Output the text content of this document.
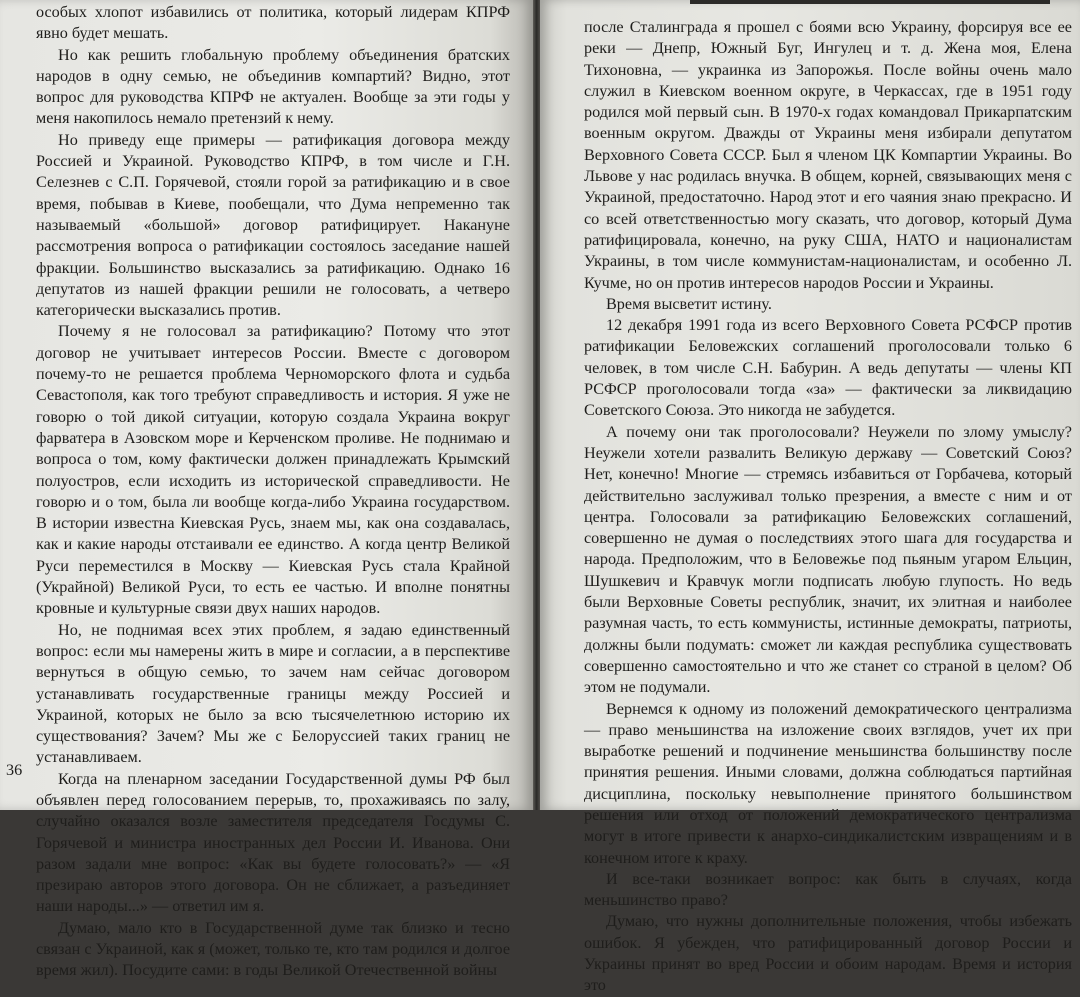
особых хлопот избавились от политика, который лидерам КПРФ явно будет мешать.

Но как решить глобальную проблему объединения братских народов в одну семью, не объединив компартий? Видно, этот вопрос для руководства КПРФ не актуален. Вообще за эти годы у меня накопилось немало претензий к нему.

Но приведу еще примеры — ратификация договора между Россией и Украиной. Руководство КПРФ, в том числе и Г.Н. Селезнев с С.П. Горячевой, стояли горой за ратификацию и в свое время, побывав в Киеве, пообещали, что Дума непременно так называемый «большой» договор ратифицирует. Накануне рассмотрения вопроса о ратификации состоялось заседание нашей фракции. Большинство высказались за ратификацию. Однако 16 депутатов из нашей фракции решили не голосовать, а четверо категорически высказались против.

Почему я не голосовал за ратификацию? Потому что этот договор не учитывает интересов России. Вместе с договором почему-то не решается проблема Черноморского флота и судьба Севастополя, как того требуют справедливость и история. Я уже не говорю о той дикой ситуации, которую создала Украина вокруг фарватера в Азовском море и Керченском проливе. Не поднимаю и вопроса о том, кому фактически должен принадлежать Крымский полуостров, если исходить из исторической справедливости. Не говорю и о том, была ли вообще когда-либо Украина государством. В истории известна Киевская Русь, знаем мы, как она создавалась, как и какие народы отстаивали ее единство. А когда центр Великой Руси переместился в Москву — Киевская Русь стала Крайной (Украйной) Великой Руси, то есть ее частью. И вполне понятны кровные и культурные связи двух наших народов.

Но, не поднимая всех этих проблем, я задаю единственный вопрос: если мы намерены жить в мире и согласии, а в перспективе вернуться в общую семью, то зачем нам сейчас договором устанавливать государственные границы между Россией и Украиной, которых не было за всю тысячелетнюю историю их существования? Зачем? Мы же с Белоруссией таких границ не устанавливаем.

Когда на пленарном заседании Государственной думы РФ был объявлен перед голосованием перерыв, то, прохаживаясь по залу, случайно оказался возле заместителя председателя Госдумы С. Горячевой и министра иностранных дел России И. Иванова. Они разом задали мне вопрос: «Как вы будете голосовать?» — «Я презираю авторов этого договора. Он не сближает, а разъединяет наши народы...» — ответил им я.

Думаю, мало кто в Государственной думе так близко и тесно связан с Украиной, как я (может, только те, кто там родился и долгое время жил). Посудите сами: в годы Великой Отечественной войны

36

после Сталинграда я прошел с боями всю Украину, форсируя все ее реки — Днепр, Южный Буг, Ингулец и т. д. Жена моя, Елена Тихоновна, — украинка из Запорожья. После войны очень мало служил в Киевском военном округе, в Черкассах, где в 1951 году родился мой первый сын. В 1970-х годах командовал Прикарпатским военным округом. Дважды от Украины меня избирали депутатом Верховного Совета СССР. Был я членом ЦК Компартии Украины. Во Львове у нас родилась внучка. В общем, корней, связывающих меня с Украиной, предостаточно. Народ этот и его чаяния знаю прекрасно. И со всей ответственностью могу сказать, что договор, который Дума ратифицировала, конечно, на руку США, НАТО и националистам Украины, в том числе коммунистам-националистам, и особенно Л. Кучме, но он против интересов народов России и Украины.

Время высветит истину.

12 декабря 1991 года из всего Верховного Совета РСФСР против ратификации Беловежских соглашений проголосовали только 6 человек, в том числе С.Н. Бабурин. А ведь депутаты — члены КП РСФСР проголосовали тогда «за» — фактически за ликвидацию Советского Союза. Это никогда не забудется.

А почему они так проголосовали? Неужели по злому умыслу? Неужели хотели развалить Великую державу — Советский Союз? Нет, конечно! Многие — стремясь избавиться от Горбачева, который действительно заслуживал только презрения, а вместе с ним и от центра. Голосовали за ратификацию Беловежских соглашений, совершенно не думая о последствиях этого шага для государства и народа. Предположим, что в Беловежье под пьяным угаром Ельцин, Шушкевич и Кравчук могли подписать любую глупость. Но ведь были Верховные Советы республик, значит, их элитная и наиболее разумная часть, то есть коммунисты, истинные демократы, патриоты, должны были подумать: сможет ли каждая республика существовать совершенно самостоятельно и что же станет со страной в целом? Об этом не подумали.

Вернемся к одному из положений демократического централизма — право меньшинства на изложение своих взглядов, учет их при выработке решений и подчинение меньшинства большинству после принятия решения. Иными словами, должна соблюдаться партийная дисциплина, поскольку невыполнение принятого большинством решения или отход от положений демократического централизма могут в итоге привести к анархо-синдикалистским извращениям и в конечном итоге к краху.

И все-таки возникает вопрос: как быть в случаях, когда меньшинство право?

Думаю, что нужны дополнительные положения, чтобы избежать ошибок. Я убежден, что ратифицированный договор России и Украины принят во вред России и обоим народам. Время и история это
